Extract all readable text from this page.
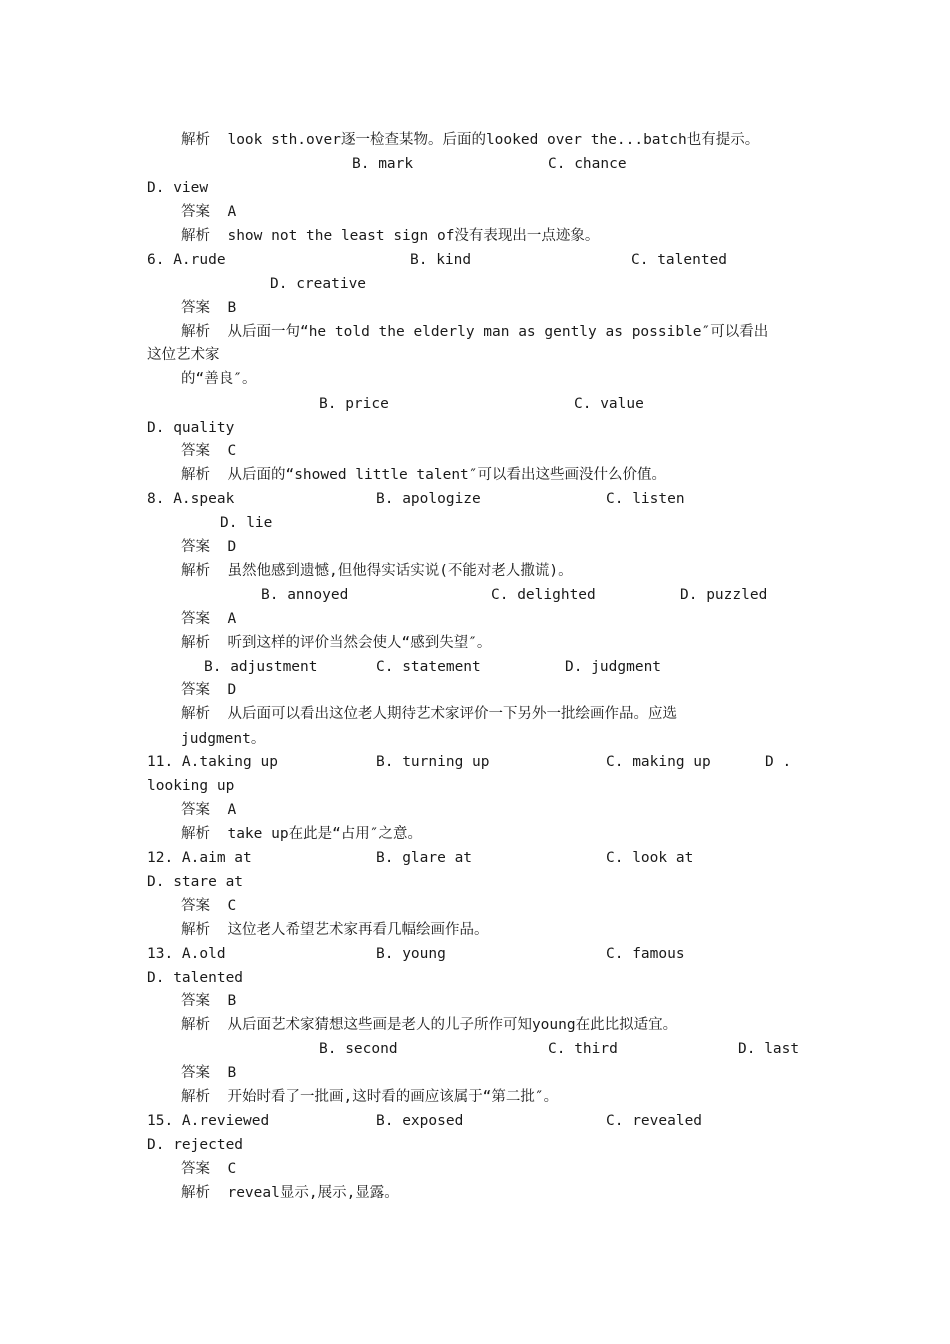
解析  look sth.over逐一检查某物。后面的looked over the...batch也有提示。
B. mark	C. chance
D. view
答案  A
解析  show not the least sign of没有表现出一点迹象。
6. A.rude	B. kind	C. talented
D. creative
答案  B
解析  从后面一句“he told the elderly man as gently as possible″可以看出
这位艺术家
的“善良″。
B. price	C. value
D. quality
答案  C
解析  从后面的“showed little talent″可以看出这些画没什么价值。
8. A.speak	B. apologize	C. listen
D. lie
答案  D
解析  虽然他感到遗憾,但他得实话实说(不能对老人撒谎)。
B. annoyed	C. delighted	D. puzzled
答案  A
解析  听到这样的评价当然会使人“感到失望″。
B. adjustment	C. statement	D. judgment
答案  D
解析  从后面可以看出这位老人期待艺术家评价一下另外一批绘画作品。应选
judgment。
11. A.taking up	B. turning up	C. making up	D .
looking up
答案  A
解析  take up在此是“占用″之意。
12. A.aim at	B. glare at	C. look at
D. stare at
答案  C
解析  这位老人希望艺术家再看几幅绘画作品。
13. A.old	B. young	C. famous
D. talented
答案  B
解析  从后面艺术家猜想这些画是老人的儿子所作可知young在此比拟适宜。
B. second	C. third	D. last
答案  B
解析  开始时看了一批画,这时看的画应该属于“第二批″。
15. A.reviewed	B. exposed	C. revealed
D. rejected
答案  C
解析  reveal显示,展示,显露。
